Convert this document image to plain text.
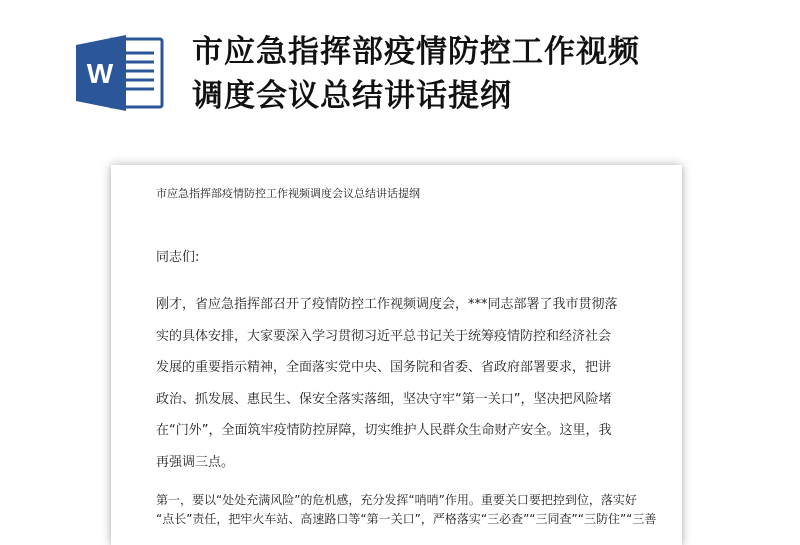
W
市应急指挥部疫情防控工作视频
调度会议总结讲话提纲
市应急指挥部疫情防控工作视频调度会议总结讲话提纲
同志们:
刚才，省应急指挥部召开了疫情防控工作视频调度会，***同志部署了我市贯彻落
实的具体安排，大家要深入学习贯彻习近平总书记关于统筹疫情防控和经济社会
发展的重要指示精神，全面落实党中央、国务院和省委、省政府部署要求，把讲
政治、抓发展、惠民生、保安全落实落细，坚决守牢“第一关口”，坚决把风险堵
在“门外”，全面筑牢疫情防控屏障，切实维护人民群众生命财产安全。这里，我
再强调三点。
第一，要以“处处充满风险”的危机感，充分发挥“哨哨”作用。重要关口要把控到位，落实好
“点长”责任，把牢火车站、高速路口等“第一关口”，严格落实“三必查”“三同查”“三防住”“三善
